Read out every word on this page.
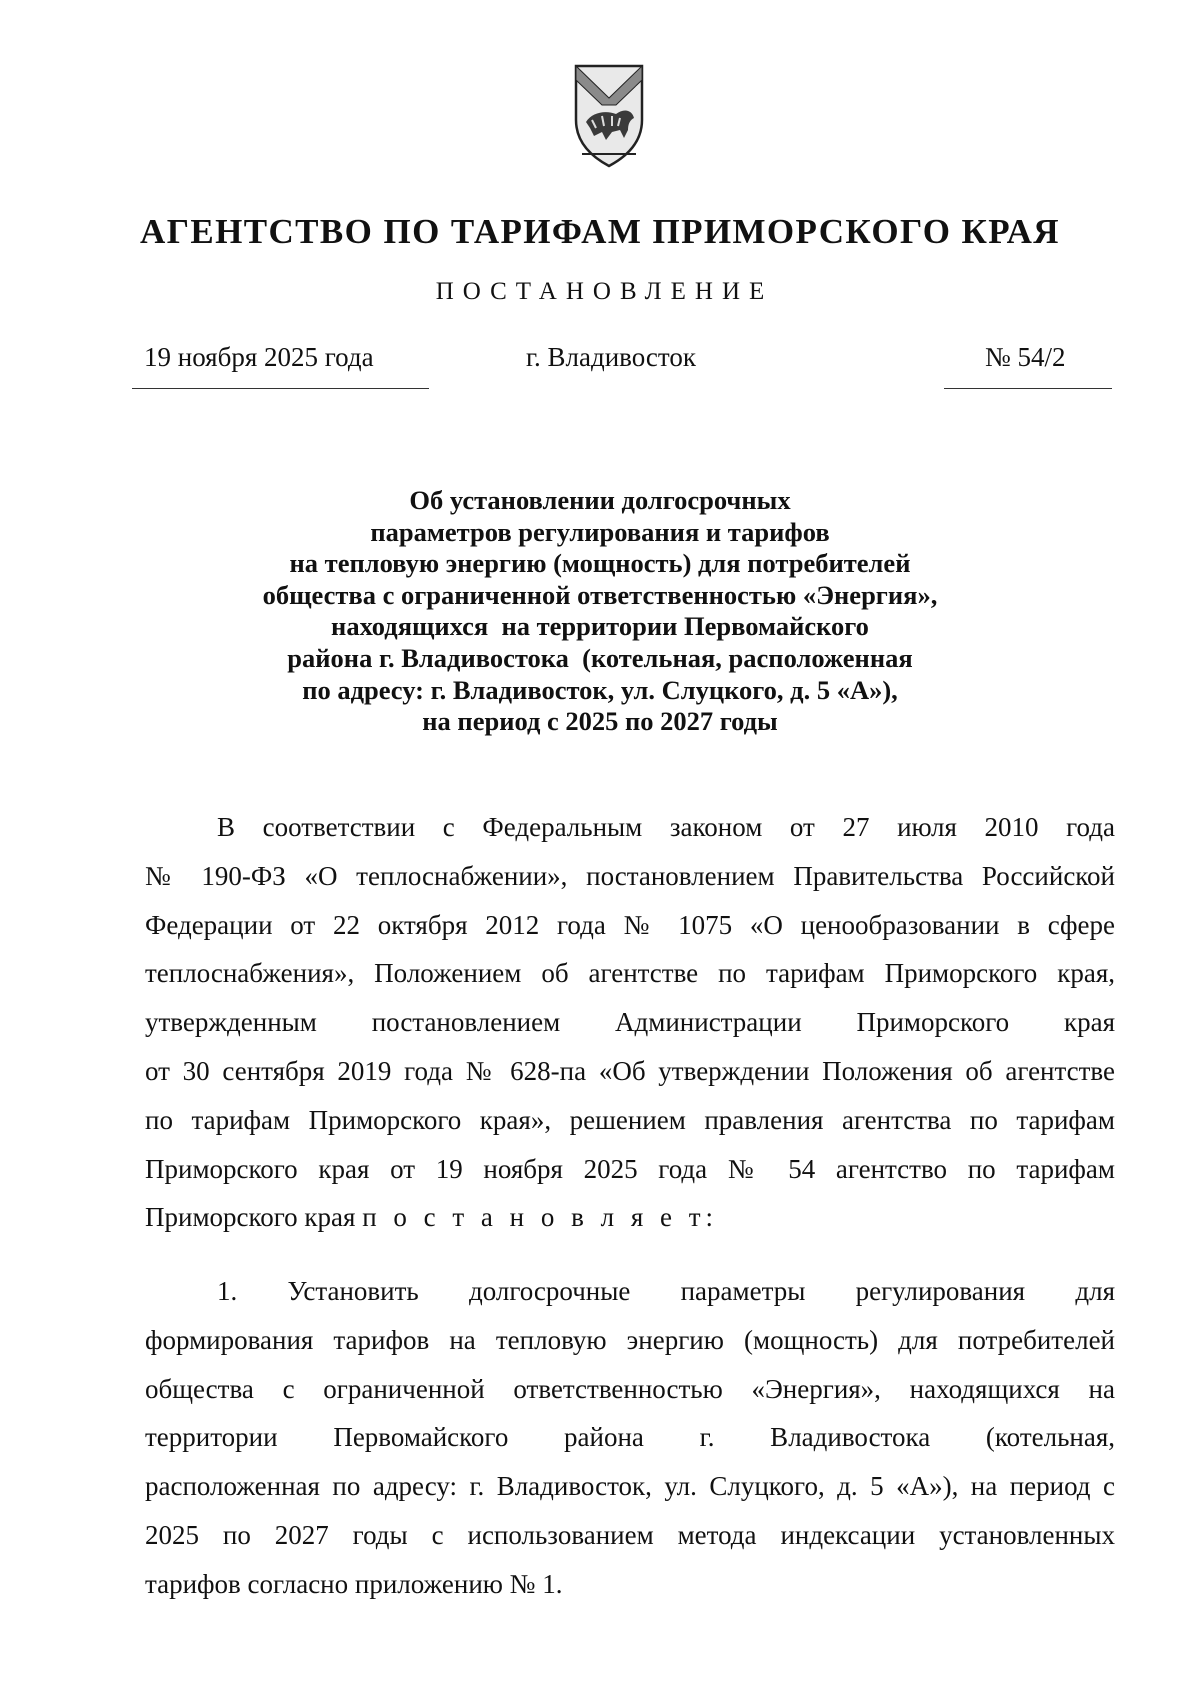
АГЕНТСТВО ПО ТАРИФАМ ПРИМОРСКОГО КРАЯ
ПОСТАНОВЛЕНИЕ
19 ноября 2025 года	г. Владивосток	№ 54/2
Об установлении долгосрочных
параметров регулирования и тарифов
на тепловую энергию (мощность) для потребителей
общества с ограниченной ответственностью «Энергия»,
находящихся  на территории Первомайского
района г. Владивостока  (котельная, расположенная
по адресу: г. Владивосток, ул. Слуцкого, д. 5 «А»),
на период с 2025 по 2027 годы
В соответствии с Федеральным законом от 27 июля 2010 года
№ 190-ФЗ «О теплоснабжении», постановлением Правительства Российской
Федерации от 22 октября 2012 года № 1075 «О ценообразовании в сфере
теплоснабжения», Положением об агентстве по тарифам Приморского края,
утвержденным постановлением Администрации Приморского края
от 30 сентября 2019 года № 628-па «Об утверждении Положения об агентстве
по тарифам Приморского края», решением правления агентства по тарифам
Приморского края от 19 ноября 2025 года № 54 агентство по тарифам
Приморского края п о с т а н о в л я е т:
1. Установить долгосрочные параметры регулирования для
формирования тарифов на тепловую энергию (мощность) для потребителей
общества с ограниченной ответственностью «Энергия», находящихся на
территории Первомайского района г. Владивостока (котельная,
расположенная по адресу: г. Владивосток, ул. Слуцкого, д. 5 «А»), на период с
2025 по 2027 годы с использованием метода индексации установленных
тарифов согласно приложению № 1.
